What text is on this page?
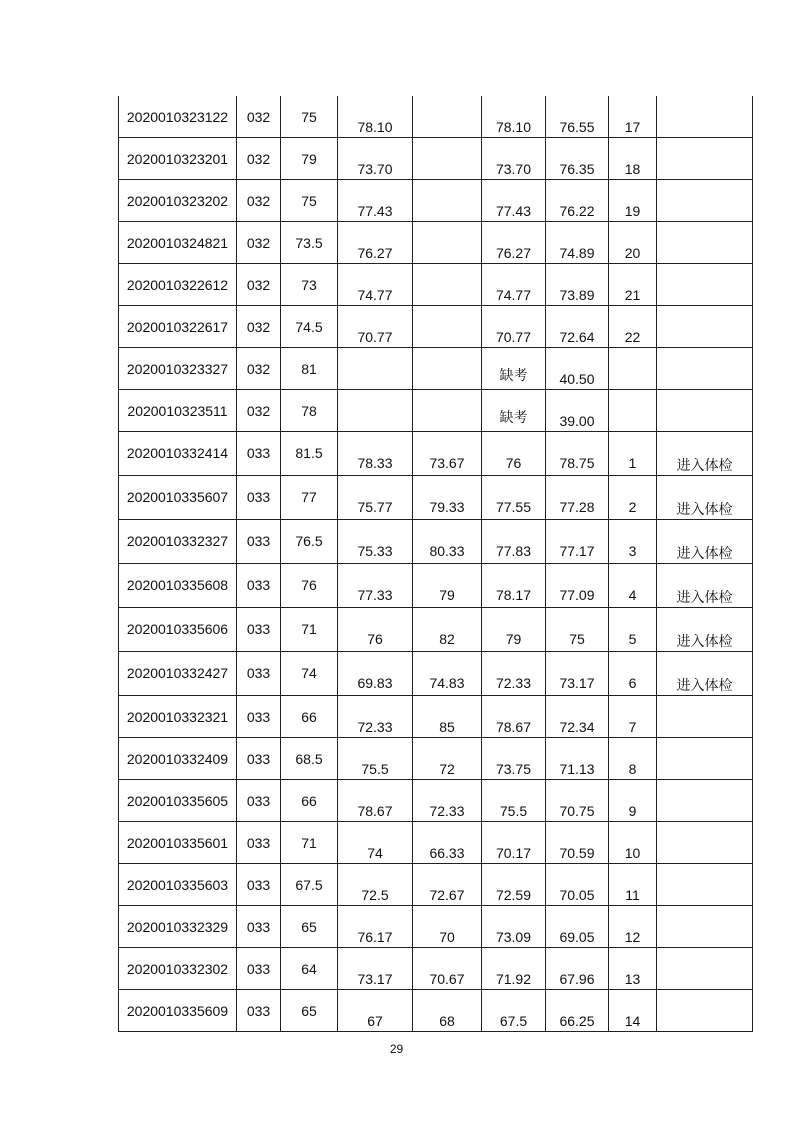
2020010323122	032	75	78.10		78.10	76.55	17	
2020010323201	032	79	73.70		73.70	76.35	18	
2020010323202	032	75	77.43		77.43	76.22	19	
2020010324821	032	73.5	76.27		76.27	74.89	20	
2020010322612	032	73	74.77		74.77	73.89	21	
2020010322617	032	74.5	70.77		70.77	72.64	22	
2020010323327	032	81			缺考	40.50		
2020010323511	032	78			缺考	39.00		
2020010332414	033	81.5	78.33	73.67	76	78.75	1	进入体检
2020010335607	033	77	75.77	79.33	77.55	77.28	2	进入体检
2020010332327	033	76.5	75.33	80.33	77.83	77.17	3	进入体检
2020010335608	033	76	77.33	79	78.17	77.09	4	进入体检
2020010335606	033	71	76	82	79	75	5	进入体检
2020010332427	033	74	69.83	74.83	72.33	73.17	6	进入体检
2020010332321	033	66	72.33	85	78.67	72.34	7	
2020010332409	033	68.5	75.5	72	73.75	71.13	8	
2020010335605	033	66	78.67	72.33	75.5	70.75	9	
2020010335601	033	71	74	66.33	70.17	70.59	10	
2020010335603	033	67.5	72.5	72.67	72.59	70.05	11	
2020010332329	033	65	76.17	70	73.09	69.05	12	
2020010332302	033	64	73.17	70.67	71.92	67.96	13	
2020010335609	033	65	67	68	67.5	66.25	14	
29
